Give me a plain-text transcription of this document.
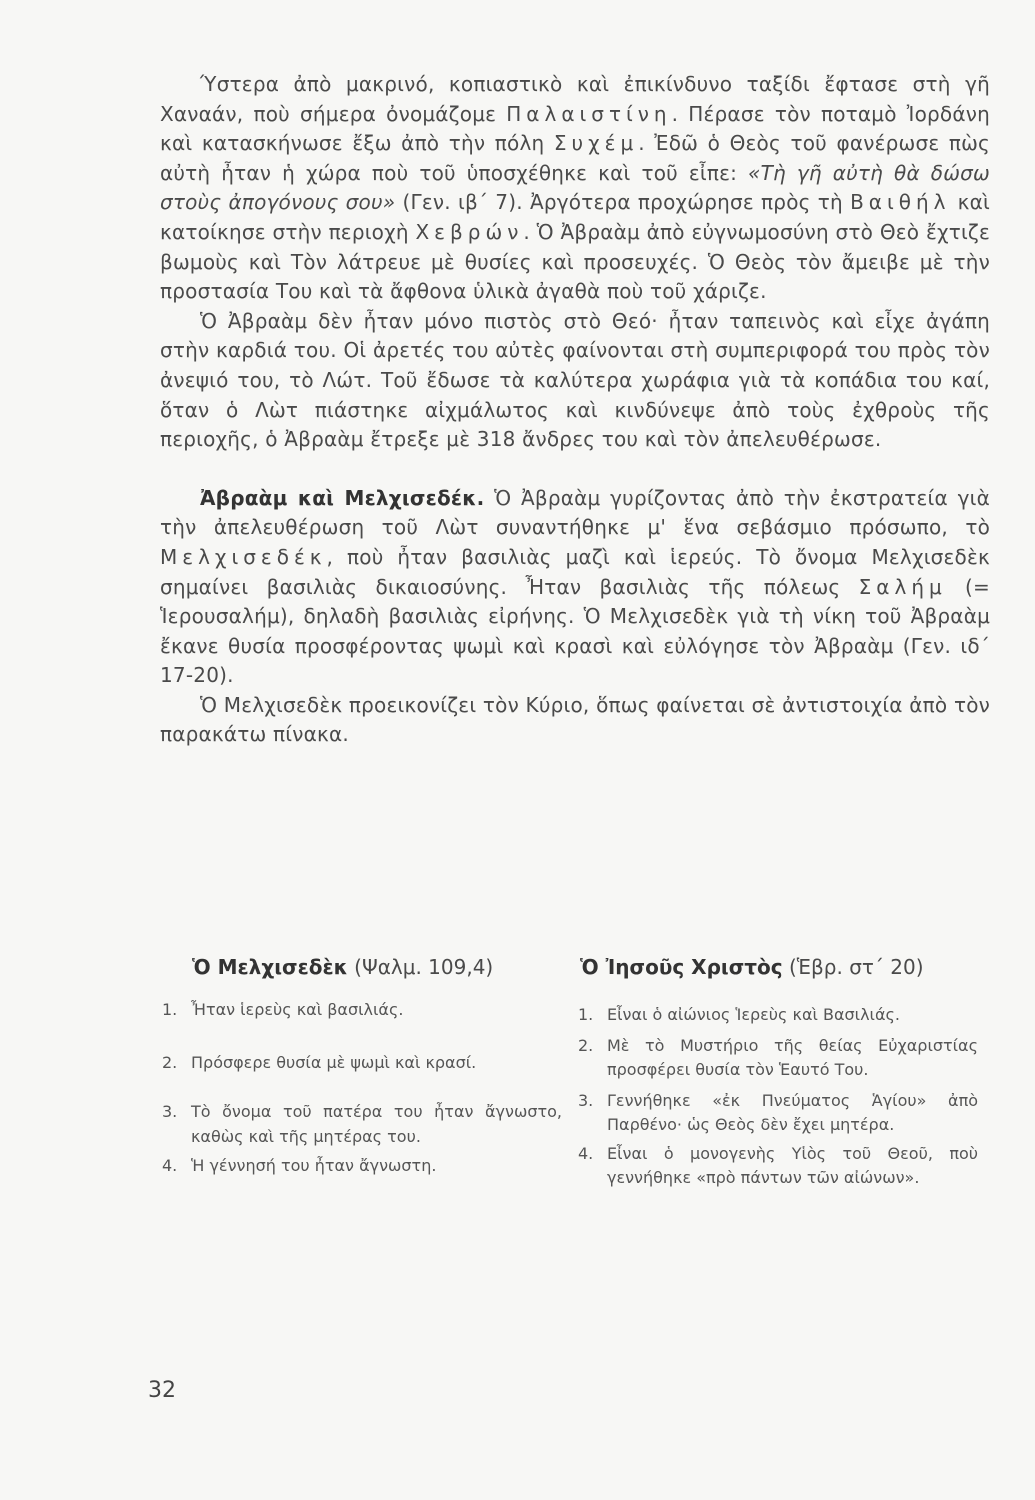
Ύστερα ἀπὸ μακρινό, κοπιαστικὸ καὶ ἐπικίνδυνο ταξίδι ἔφτασε στὴ γῆ Χαναάν, ποὺ σήμερα ὀνομάζομε Παλαιστίνη. Πέρασε τὸν ποταμὸ Ἰορδάνη καὶ κατασκήνωσε ἔξω ἀπὸ τὴν πόλη Συχέμ. Ἐδῶ ὁ Θεὸς τοῦ φανέρωσε πὼς αὐτὴ ἦταν ἡ χώρα ποὺ τοῦ ὑποσχέθηκε καὶ τοῦ εἶπε: «Τὴ γῆ αὐτὴ θὰ δώσω στοὺς ἀπογόνους σου» (Γεν. ιβ΄ 7). Ἀργότερα προχώρησε πρὸς τὴ Βαιθήλ καὶ κατοίκησε στὴν περιοχὴ Χεβρών. Ὁ Ἀβραὰμ ἀπὸ εὐγνωμοσύνη στὸ Θεὸ ἔχτιζε βωμοὺς καὶ Τὸν λάτρευε μὲ θυσίες καὶ προσευχές. Ὁ Θεὸς τὸν ἄμειβε μὲ τὴν προστασία Του καὶ τὰ ἄφθονα ὑλικὰ ἀγαθὰ ποὺ τοῦ χάριζε.

Ὁ Ἀβραὰμ δὲν ἦταν μόνο πιστὸς στὸ Θεό· ἦταν ταπεινὸς καὶ εἶχε ἀγάπη στὴν καρδιά του. Οἱ ἀρετές του αὐτὲς φαίνονται στὴ συμπεριφορά του πρὸς τὸν ἀνεψιό του, τὸ Λώτ. Τοῦ ἔδωσε τὰ καλύτερα χωράφια γιὰ τὰ κοπάδια του καί, ὅταν ὁ Λὼτ πιάστηκε αἰχμάλωτος καὶ κινδύνεψε ἀπὸ τοὺς ἐχθροὺς τῆς περιοχῆς, ὁ Ἀβραὰμ ἔτρεξε μὲ 318 ἄνδρες του καὶ τὸν ἀπελευθέρωσε.

Ἀβραὰμ καὶ Μελχισεδέκ. Ὁ Ἀβραὰμ γυρίζοντας ἀπὸ τὴν ἐκστρατεία γιὰ τὴν ἀπελευθέρωση τοῦ Λὼτ συναντήθηκε μ' ἕνα σεβάσμιο πρόσωπο, τὸ Μελχισεδέκ, ποὺ ἦταν βασιλιὰς μαζὶ καὶ ἱερεύς. Τὸ ὄνομα Μελχισεδὲκ σημαίνει βασιλιὰς δικαιοσύνης. Ἦταν βασιλιὰς τῆς πόλεως Σαλήμ (= Ἱερουσαλήμ), δηλαδὴ βασιλιὰς εἰρήνης. Ὁ Μελχισεδὲκ γιὰ τὴ νίκη τοῦ Ἀβραὰμ ἔκανε θυσία προσφέροντας ψωμὶ καὶ κρασὶ καὶ εὐλόγησε τὸν Ἀβραὰμ (Γεν. ιδ΄ 17-20).

Ὁ Μελχισεδὲκ προεικονίζει τὸν Κύριο, ὅπως φαίνεται σὲ ἀντιστοιχία ἀπὸ τὸν παρακάτω πίνακα.

Ὁ Μελχισεδὲκ (Ψαλμ. 109,4)	Ὁ Ἰησοῦς Χριστὸς (Ἑβρ. στ΄ 20)
1. Ἦταν ἱερεὺς καὶ βασιλιάς.
2. Πρόσφερε θυσία μὲ ψωμὶ καὶ κρασί.
3. Τὸ ὄνομα τοῦ πατέρα του ἦταν ἄγνωστο, καθὼς καὶ τῆς μητέρας του.
4. Ἡ γέννησή του ἦταν ἄγνωστη.
1. Εἶναι ὁ αἰώνιος Ἱερεὺς καὶ Βασιλιάς.
2. Μὲ τὸ Μυστήριο τῆς θείας Εὐχαριστίας προσφέρει θυσία τὸν Ἑαυτό Του.
3. Γεννήθηκε «ἐκ Πνεύματος Ἁγίου» ἀπὸ Παρθένο· ὡς Θεὸς δὲν ἔχει μητέρα.
4. Εἶναι ὁ μονογενὴς Υἱὸς τοῦ Θεοῦ, ποὺ γεννήθηκε «πρὸ πάντων τῶν αἰώνων».
32
